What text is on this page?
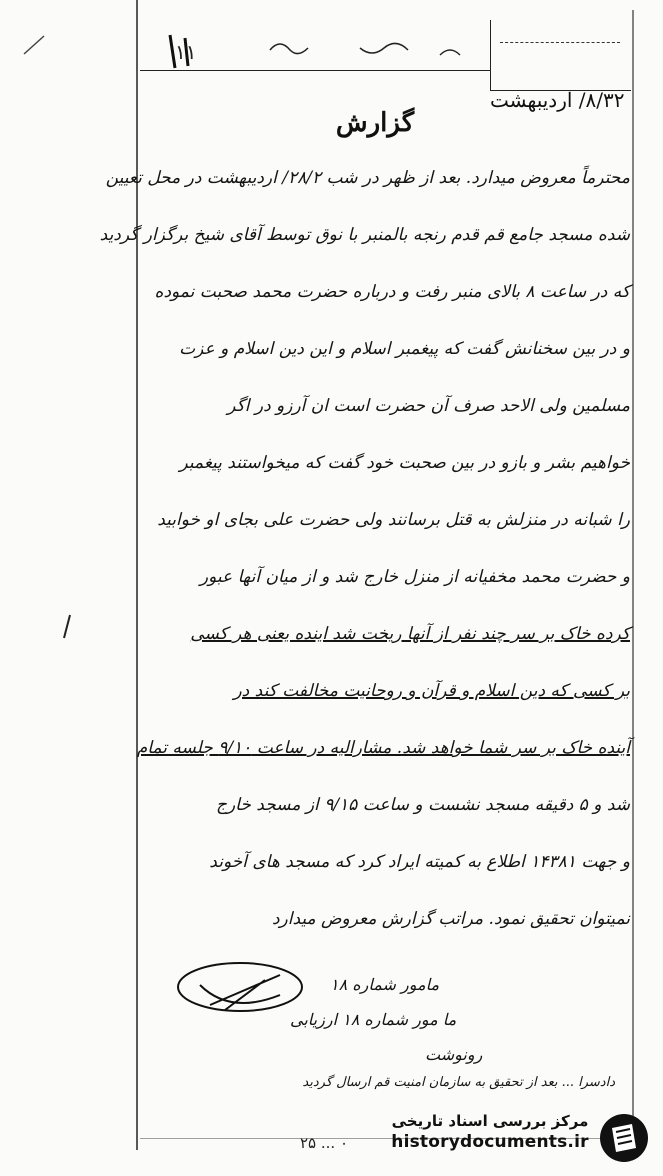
١١
۸/۳۲/ اردیبهشت
گزارش
محترماً معروض میدارد. بعد از ظهر در شب ۲۸/۲/ اردیبهشت در محل تعیین
شده مسجد جامع قم قدم رنجه بالمنبر با نوق توسط آقای شیخ برگزار گردید
که در ساعت ۸ بالای منبر رفت و درباره حضرت محمد صحبت نموده
و در بین سخنانش گفت که پیغمبر اسلام و این دین اسلام و عزت
مسلمین ولی الاحد صرف آن حضرت است ان آرزو در اگر
خواهیم بشر و بازو در بین صحبت خود گفت که میخواستند پیغمبر
را شبانه در منزلش به قتل برسانند ولی حضرت علی بجای او خوابید
و حضرت محمد مخفیانه از منزل خارج شد و از میان آنها عبور
کرده خاک بر سر چند نفر از آنها ریخت شد اینده یعنی هر کسی
بر کسی که دین اسلام و قرآن و روحانیت مخالفت کند در
آینده خاک بر سر شما خواهد شد. مشارالیه در ساعت ۹/۱۰ جلسه تمام
شد و ۵ دقیقه مسجد نشست و ساعت ۹/۱۵ از مسجد خارج
و جهت ۱۴۳۸۱ اطلاع به کمیته ایراد کرد که مسجد های آخوند
نمیتوان تحقیق نمود. مراتب گزارش معروض میدارد
مامور شماره ۱۸
ما مور شماره ۱۸ ارزیابی
رونوشت
دادسرا ... بعد از تحقیق به سازمان امنیت قم ارسال گردید
۲۵ ... ۰
مرکز بررسی اسناد تاریخی
historydocuments.ir
